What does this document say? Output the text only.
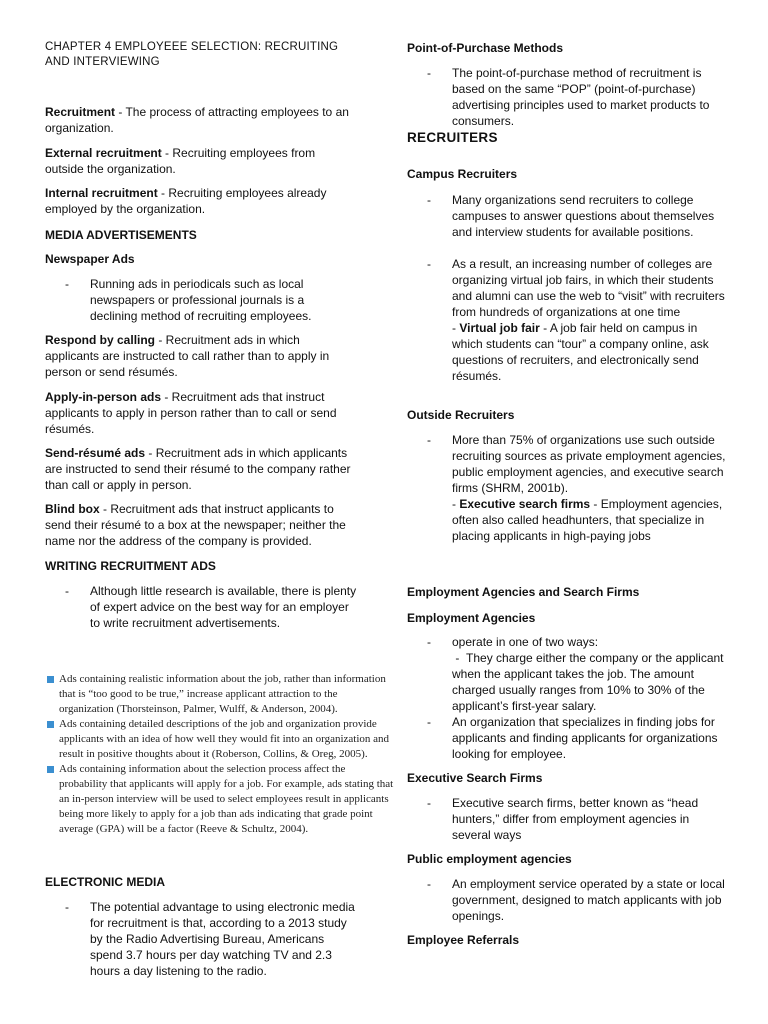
CHAPTER 4 EMPLOYEEE SELECTION: RECRUITING AND INTERVIEWING

Recruitment - The process of attracting employees to an organization.

External recruitment - Recruiting employees from outside the organization.

Internal recruitment - Recruiting employees already employed by the organization.

MEDIA ADVERTISEMENTS

Newspaper Ads

-	Running ads in periodicals such as local newspapers or professional journals is a declining method of recruiting employees.

Respond by calling - Recruitment ads in which applicants are instructed to call rather than to apply in person or send résumés.

Apply-in-person ads - Recruitment ads that instruct applicants to apply in person rather than to call or send résumés.

Send-résumé ads - Recruitment ads in which applicants are instructed to send their résumé to the company rather than call or apply in person.

Blind box - Recruitment ads that instruct applicants to send their résumé to a box at the newspaper; neither the name nor the address of the company is provided.

WRITING RECRUITMENT ADS

-	Although little research is available, there is plenty of expert advice on the best way for an employer to write recruitment advertisements.

Ads containing realistic information about the job, rather than information that is “too good to be true,” increase applicant attraction to the organization (Thorsteinson, Palmer, Wulff, & Anderson, 2004).
Ads containing detailed descriptions of the job and organization provide applicants with an idea of how well they would fit into an organization and result in positive thoughts about it (Roberson, Collins, & Oreg, 2005).
Ads containing information about the selection process affect the probability that applicants will apply for a job. For example, ads stating that an in-person interview will be used to select employees result in applicants being more likely to apply for a job than ads indicating that grade point average (GPA) will be a factor (Reeve & Schultz, 2004).

ELECTRONIC MEDIA

-	The potential advantage to using electronic media for recruitment is that, according to a 2013 study by the Radio Advertising Bureau, Americans spend 3.7 hours per day watching TV and 2.3 hours a day listening to the radio.

Point-of-Purchase Methods

-	The point-of-purchase method of recruitment is based on the same “POP” (point-of-purchase) advertising principles used to market products to consumers.

RECRUITERS

Campus Recruiters

-	Many organizations send recruiters to college campuses to answer questions about themselves and interview students for available positions.

-	As a result, an increasing number of colleges are organizing virtual job fairs, in which their students and alumni can use the web to “visit” with recruiters from hundreds of organizations at one time

- Virtual job fair - A job fair held on campus in which students can “tour” a company online, ask questions of recruiters, and electronically send résumés.

Outside Recruiters

-	More than 75% of organizations use such outside recruiting sources as private employment agencies, public employment agencies, and executive search firms (SHRM, 2001b).

- Executive search firms - Employment agencies, often also called headhunters, that specialize in placing applicants in high-paying jobs

Employment Agencies and Search Firms

Employment Agencies

-	operate in one of two ways:

- They charge either the company or the applicant when the applicant takes the job. The amount charged usually ranges from 10% to 30% of the applicant’s first-year salary.

-	An organization that specializes in finding jobs for applicants and finding applicants for organizations looking for employee.

Executive Search Firms

-	Executive search firms, better known as “head hunters,” differ from employment agencies in several ways

Public employment agencies

-	An employment service operated by a state or local government, designed to match applicants with job openings.

Employee Referrals
